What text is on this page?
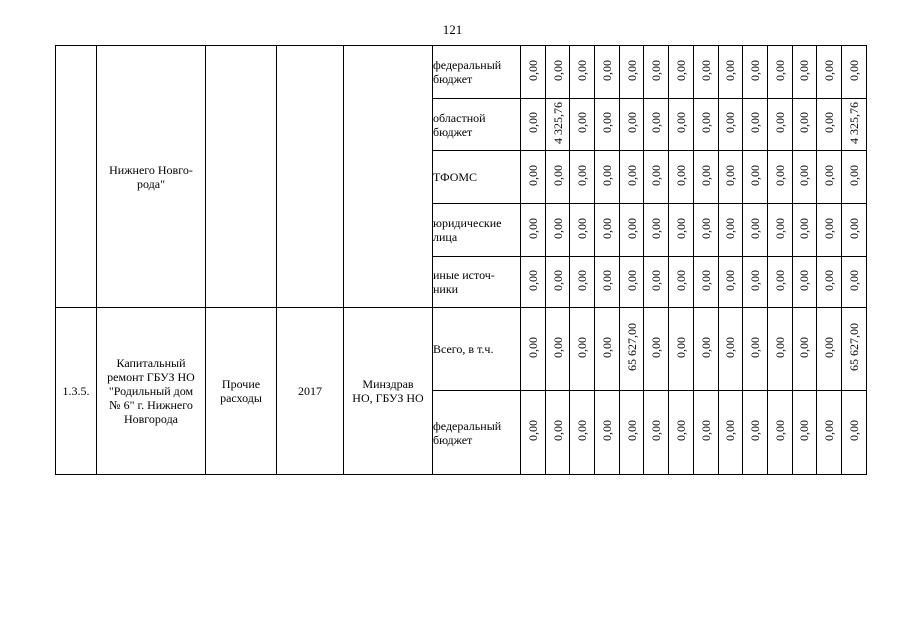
121
	Нижнего Новго-
рода"				федеральный
бюджет	0,00	0,00	0,00	0,00	0,00	0,00	0,00	0,00	0,00	0,00	0,00	0,00	0,00	0,00
					областной
бюджет	0,00	4 325,76	0,00	0,00	0,00	0,00	0,00	0,00	0,00	0,00	0,00	0,00	0,00	4 325,76
					ТФОМС	0,00	0,00	0,00	0,00	0,00	0,00	0,00	0,00	0,00	0,00	0,00	0,00	0,00	0,00
					юридические
лица	0,00	0,00	0,00	0,00	0,00	0,00	0,00	0,00	0,00	0,00	0,00	0,00	0,00	0,00
					иные источ-
ники	0,00	0,00	0,00	0,00	0,00	0,00	0,00	0,00	0,00	0,00	0,00	0,00	0,00	0,00
1.3.5.	Капитальный
ремонт ГБУЗ НО
"Родильный дом
№ 6" г. Нижнего
Новгорода	Прочие
расходы	2017	Минздрав
НО, ГБУЗ НО	Всего, в т.ч.	0,00	0,00	0,00	0,00	65 627,00	0,00	0,00	0,00	0,00	0,00	0,00	0,00	0,00	65 627,00
					федеральный
бюджет	0,00	0,00	0,00	0,00	0,00	0,00	0,00	0,00	0,00	0,00	0,00	0,00	0,00	0,00
